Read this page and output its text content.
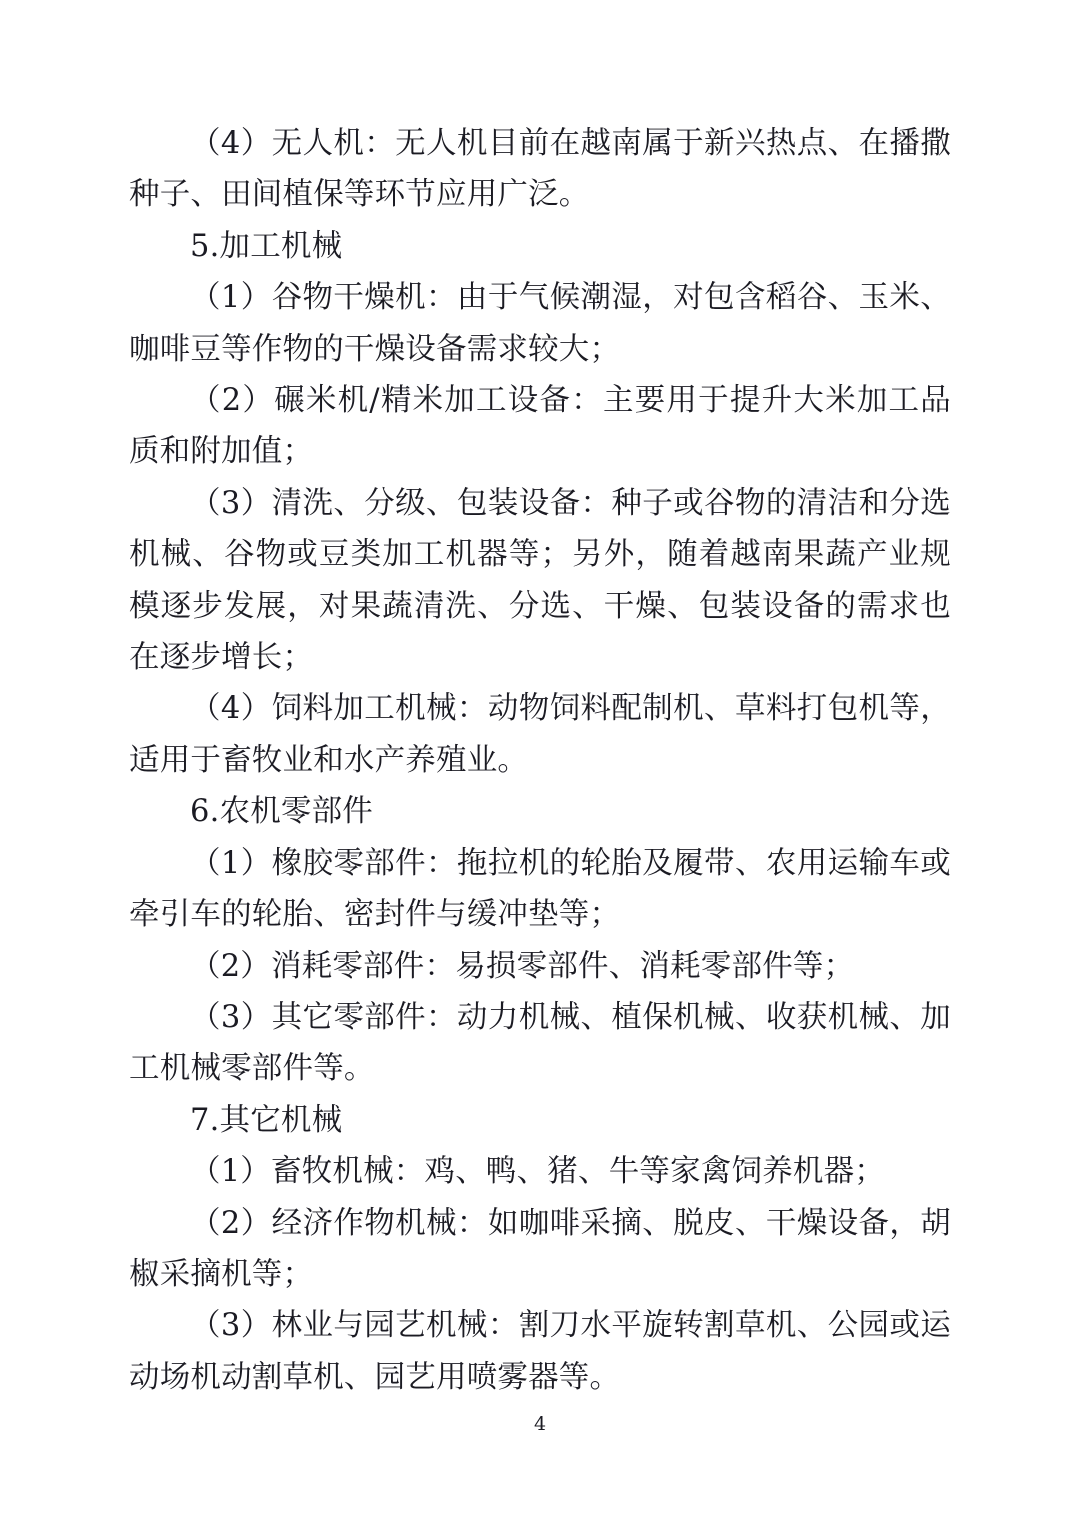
（4）无人机：无人机目前在越南属于新兴热点、在播撒种子、田间植保等环节应用广泛。

5.加工机械

（1）谷物干燥机：由于气候潮湿，对包含稻谷、玉米、咖啡豆等作物的干燥设备需求较大；

（2）碾米机/精米加工设备：主要用于提升大米加工品质和附加值；

（3）清洗、分级、包装设备：种子或谷物的清洁和分选机械、谷物或豆类加工机器等；另外，随着越南果蔬产业规模逐步发展，对果蔬清洗、分选、干燥、包装设备的需求也在逐步增长；

（4）饲料加工机械：动物饲料配制机、草料打包机等，适用于畜牧业和水产养殖业。

6.农机零部件

（1）橡胶零部件：拖拉机的轮胎及履带、农用运输车或牵引车的轮胎、密封件与缓冲垫等；

（2）消耗零部件：易损零部件、消耗零部件等；

（3）其它零部件：动力机械、植保机械、收获机械、加工机械零部件等。

7.其它机械

（1）畜牧机械：鸡、鸭、猪、牛等家禽饲养机器；

（2）经济作物机械：如咖啡采摘、脱皮、干燥设备，胡椒采摘机等；

（3）林业与园艺机械：割刀水平旋转割草机、公园或运动场机动割草机、园艺用喷雾器等。

4
